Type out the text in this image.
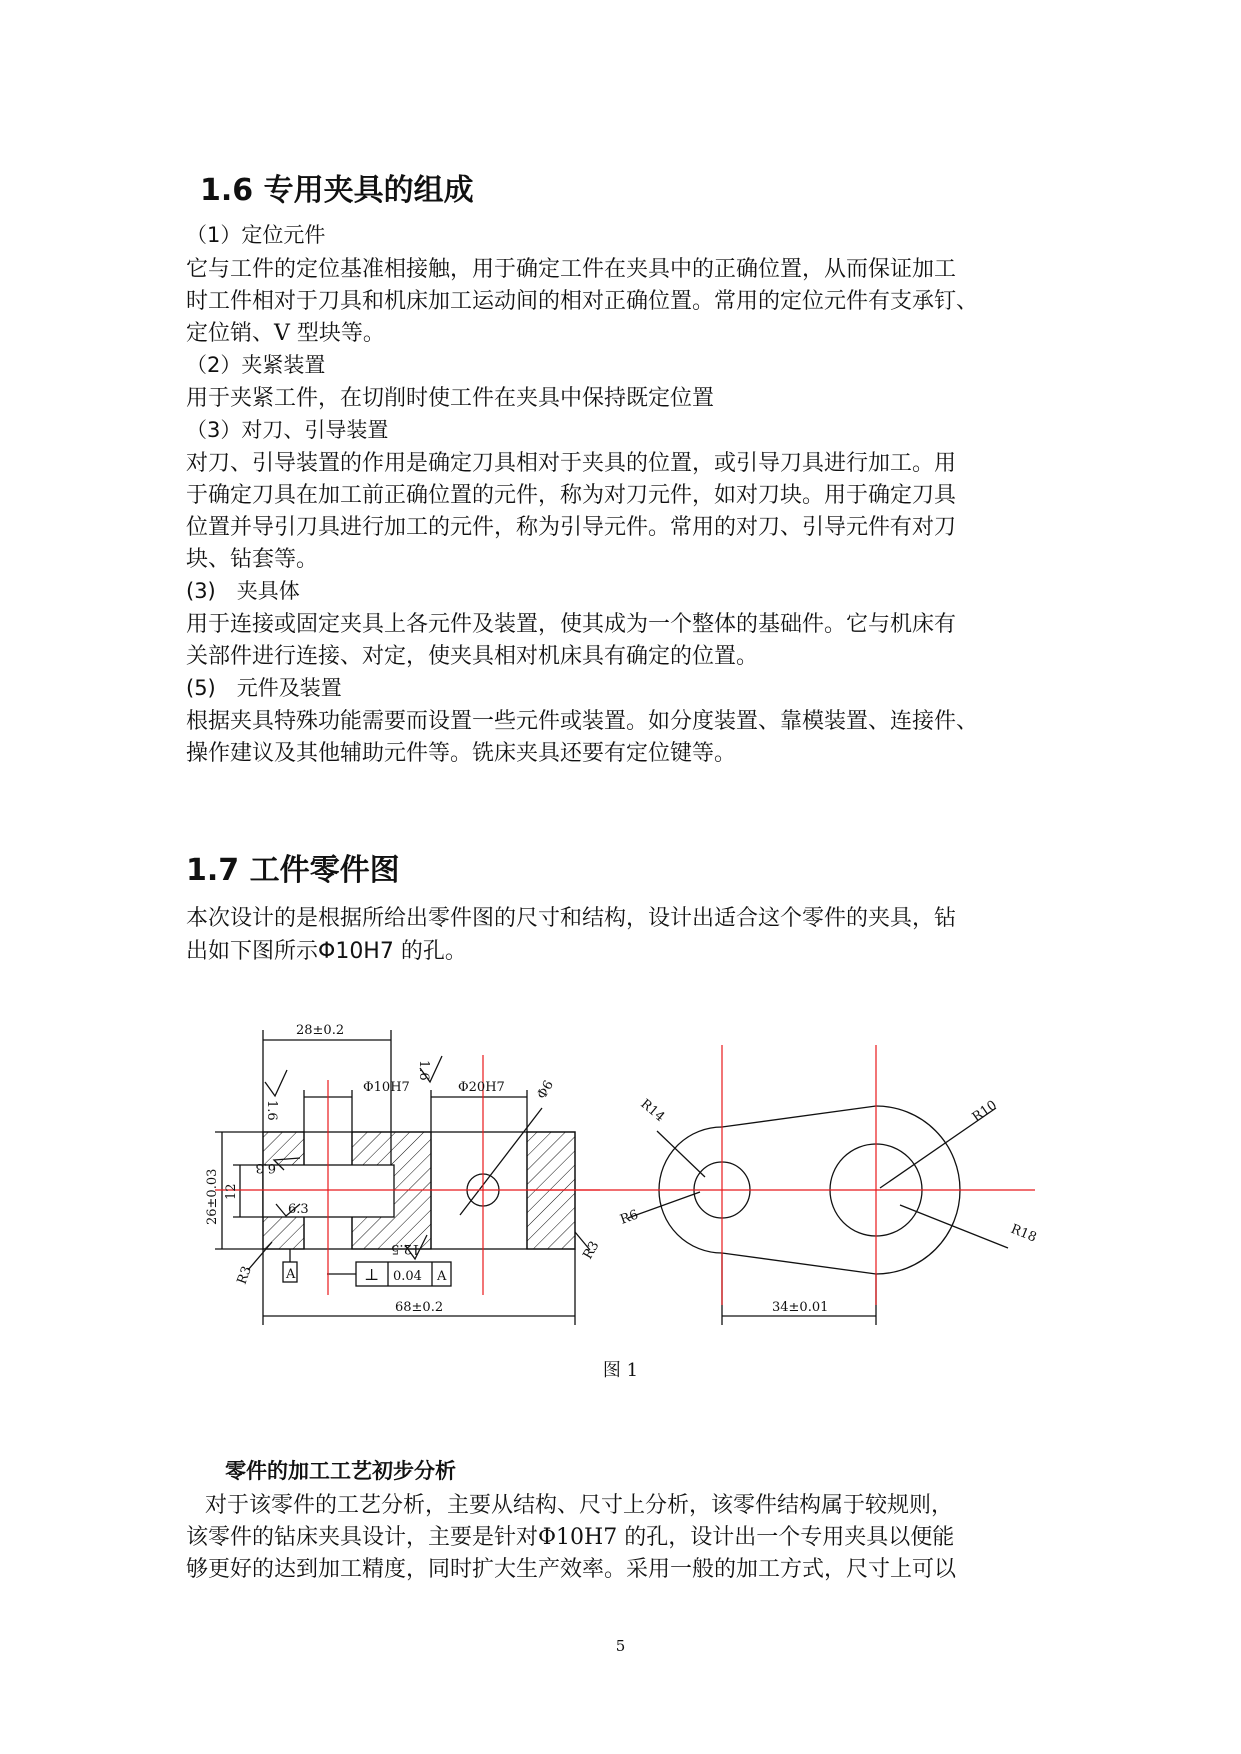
1.6 专用夹具的组成
（1）定位元件
它与工件的定位基准相接触，用于确定工件在夹具中的正确位置，从而保证加工
时工件相对于刀具和机床加工运动间的相对正确位置。常用的定位元件有支承钉、
定位销、V 型块等。
（2）夹紧装置
用于夹紧工件，在切削时使工件在夹具中保持既定位置
（3）对刀、引导装置
对刀、引导装置的作用是确定刀具相对于夹具的位置，或引导刀具进行加工。用
于确定刀具在加工前正确位置的元件，称为对刀元件，如对刀块。用于确定刀具
位置并导引刀具进行加工的元件，称为引导元件。常用的对刀、引导元件有对刀
块、钻套等。
(3)　夹具体
用于连接或固定夹具上各元件及装置，使其成为一个整体的基础件。它与机床有
关部件进行连接、对定，使夹具相对机床具有确定的位置。
(5)　元件及装置
根据夹具特殊功能需要而设置一些元件或装置。如分度装置、靠模装置、连接件、
操作建议及其他辅助元件等。铣床夹具还要有定位键等。
1.7 工件零件图
本次设计的是根据所给出零件图的尺寸和结构，设计出适合这个零件的夹具，钻
出如下图所示Φ10H7 的孔。
28±0.2
Φ10H7	Φ20H7 Φ6
1.6
1.6
26±0.03 12
6.3
6.3
12.5
R3
R3
A	⊥ 0.04 A
68±0.2
R14	R10
R6
R18
34±0.01
图 1
零件的加工工艺初步分析
对于该零件的工艺分析，主要从结构、尺寸上分析，该零件结构属于较规则，
该零件的钻床夹具设计，主要是针对Φ10H7 的孔，设计出一个专用夹具以便能
够更好的达到加工精度，同时扩大生产效率。采用一般的加工方式，尺寸上可以
5
